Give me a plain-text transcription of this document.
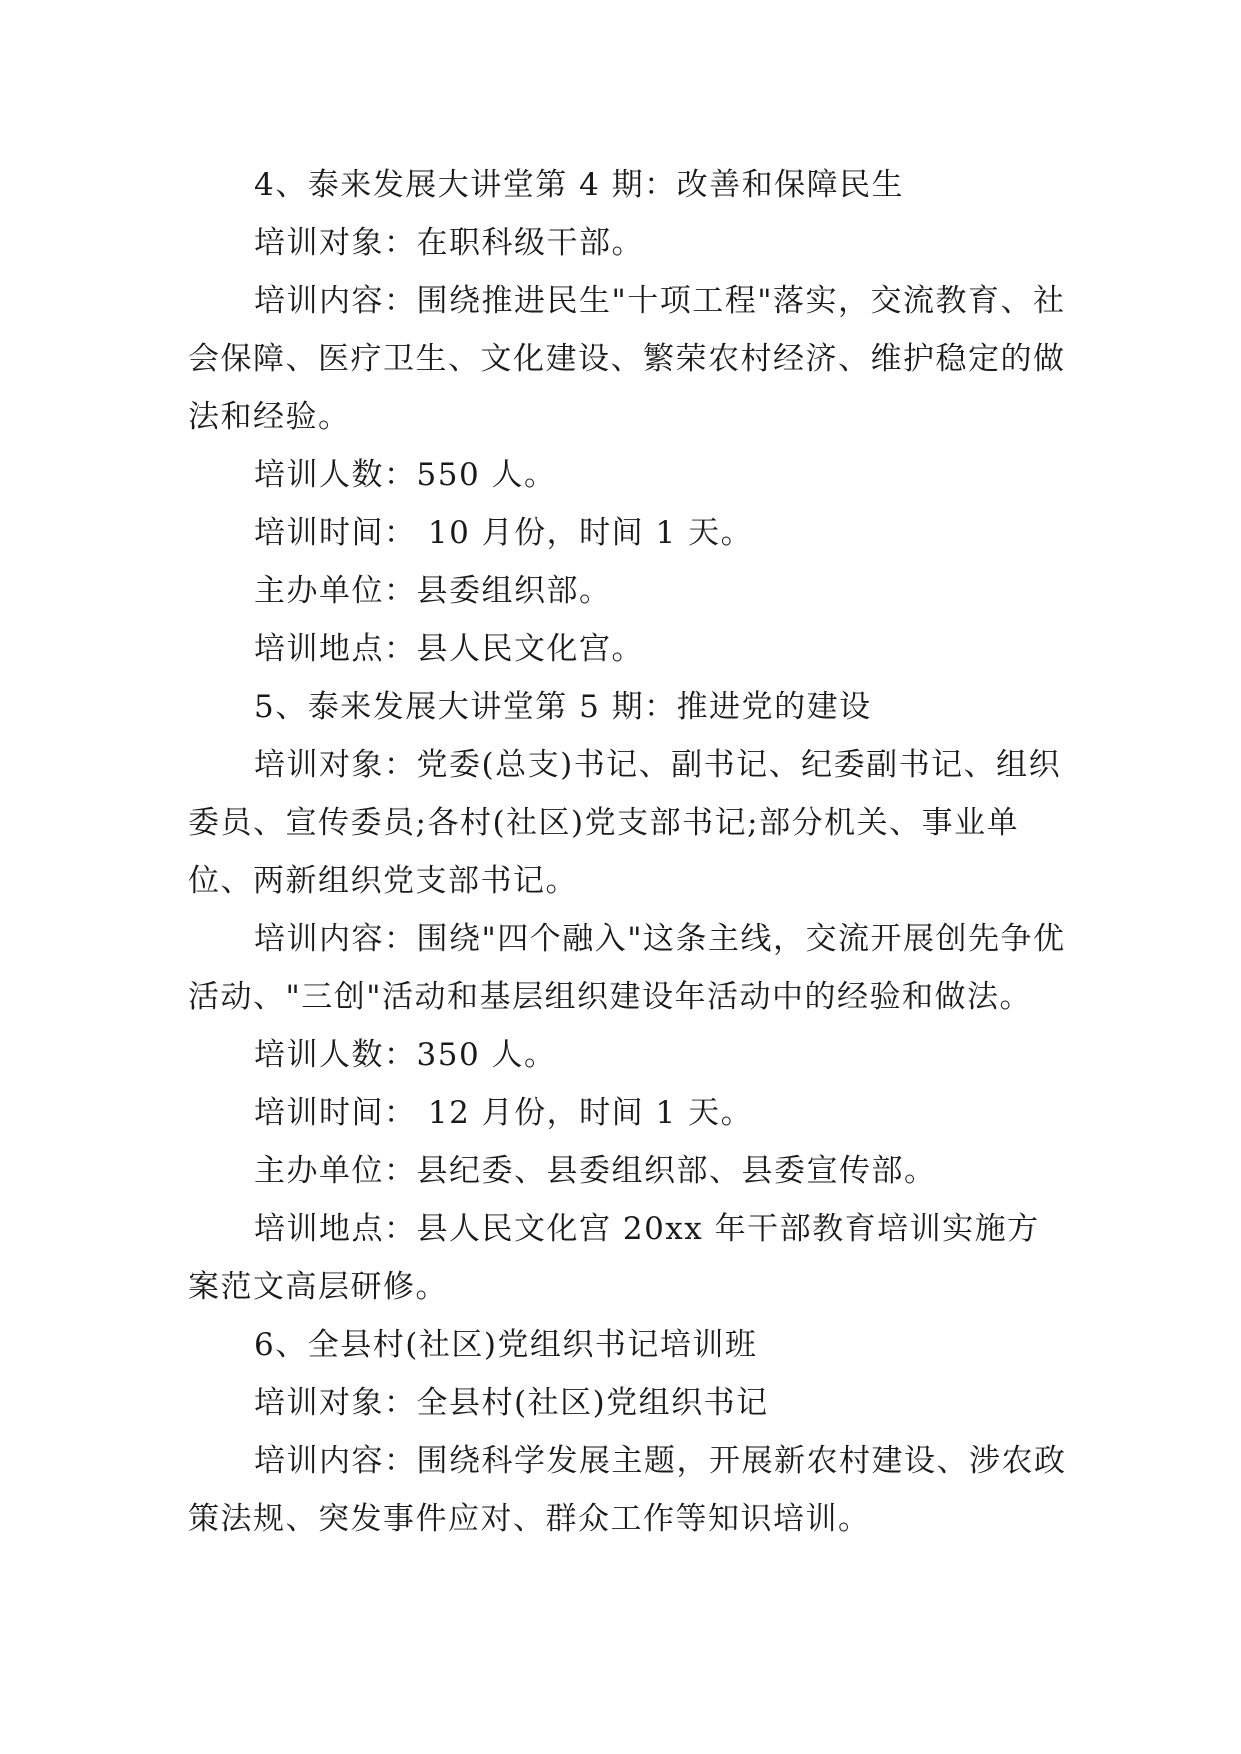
4、泰来发展大讲堂第 4 期：改善和保障民生

培训对象：在职科级干部。

培训内容：围绕推进民生"十项工程"落实，交流教育、社会保障、医疗卫生、文化建设、繁荣农村经济、维护稳定的做法和经验。

培训人数：550 人。

培训时间： 10 月份，时间 1 天。

主办单位：县委组织部。

培训地点：县人民文化宫。

5、泰来发展大讲堂第 5 期：推进党的建设

培训对象：党委(总支)书记、副书记、纪委副书记、组织委员、宣传委员;各村(社区)党支部书记;部分机关、事业单位、两新组织党支部书记。

培训内容：围绕"四个融入"这条主线，交流开展创先争优活动、"三创"活动和基层组织建设年活动中的经验和做法。

培训人数：350 人。

培训时间： 12 月份，时间 1 天。

主办单位：县纪委、县委组织部、县委宣传部。

培训地点：县人民文化宫 20xx 年干部教育培训实施方案范文高层研修。

6、全县村(社区)党组织书记培训班

培训对象：全县村(社区)党组织书记

培训内容：围绕科学发展主题，开展新农村建设、涉农政策法规、突发事件应对、群众工作等知识培训。
